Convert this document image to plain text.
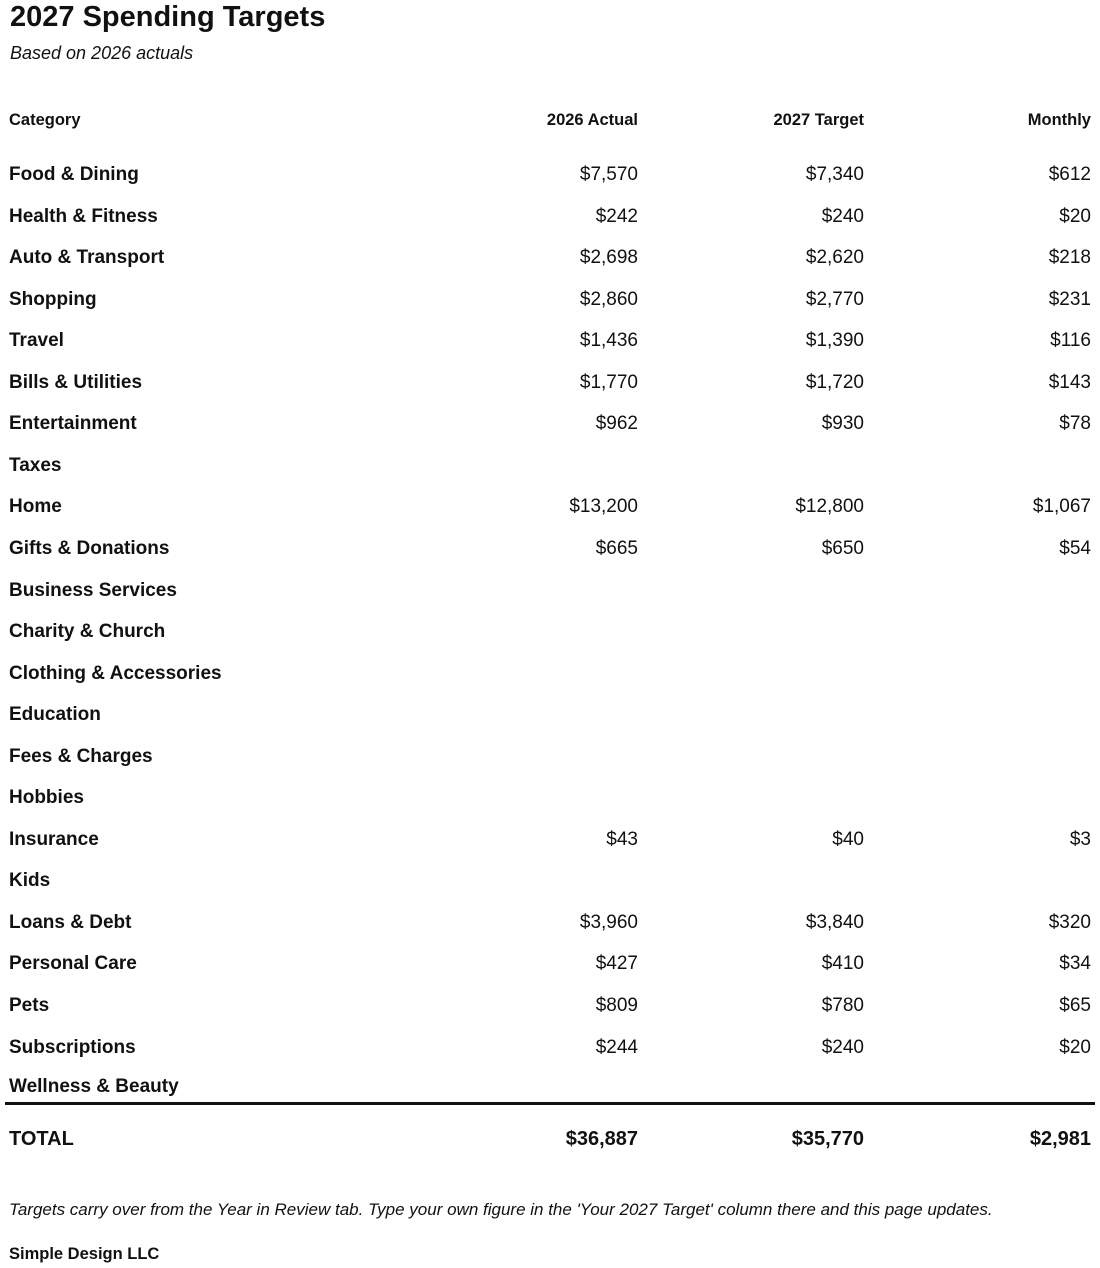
2027 Spending Targets
Based on 2026 actuals
Category	2026 Actual	2027 Target	Monthly
Food & Dining	$7,570	$7,340	$612
Health & Fitness	$242	$240	$20
Auto & Transport	$2,698	$2,620	$218
Shopping	$2,860	$2,770	$231
Travel	$1,436	$1,390	$116
Bills & Utilities	$1,770	$1,720	$143
Entertainment	$962	$930	$78
Taxes
Home	$13,200	$12,800	$1,067
Gifts & Donations	$665	$650	$54
Business Services
Charity & Church
Clothing & Accessories
Education
Fees & Charges
Hobbies
Insurance	$43	$40	$3
Kids
Loans & Debt	$3,960	$3,840	$320
Personal Care	$427	$410	$34
Pets	$809	$780	$65
Subscriptions	$244	$240	$20
Wellness & Beauty
TOTAL	$36,887	$35,770	$2,981
Targets carry over from the Year in Review tab. Type your own figure in the 'Your 2027 Target' column there and this page updates.
Simple Design LLC
